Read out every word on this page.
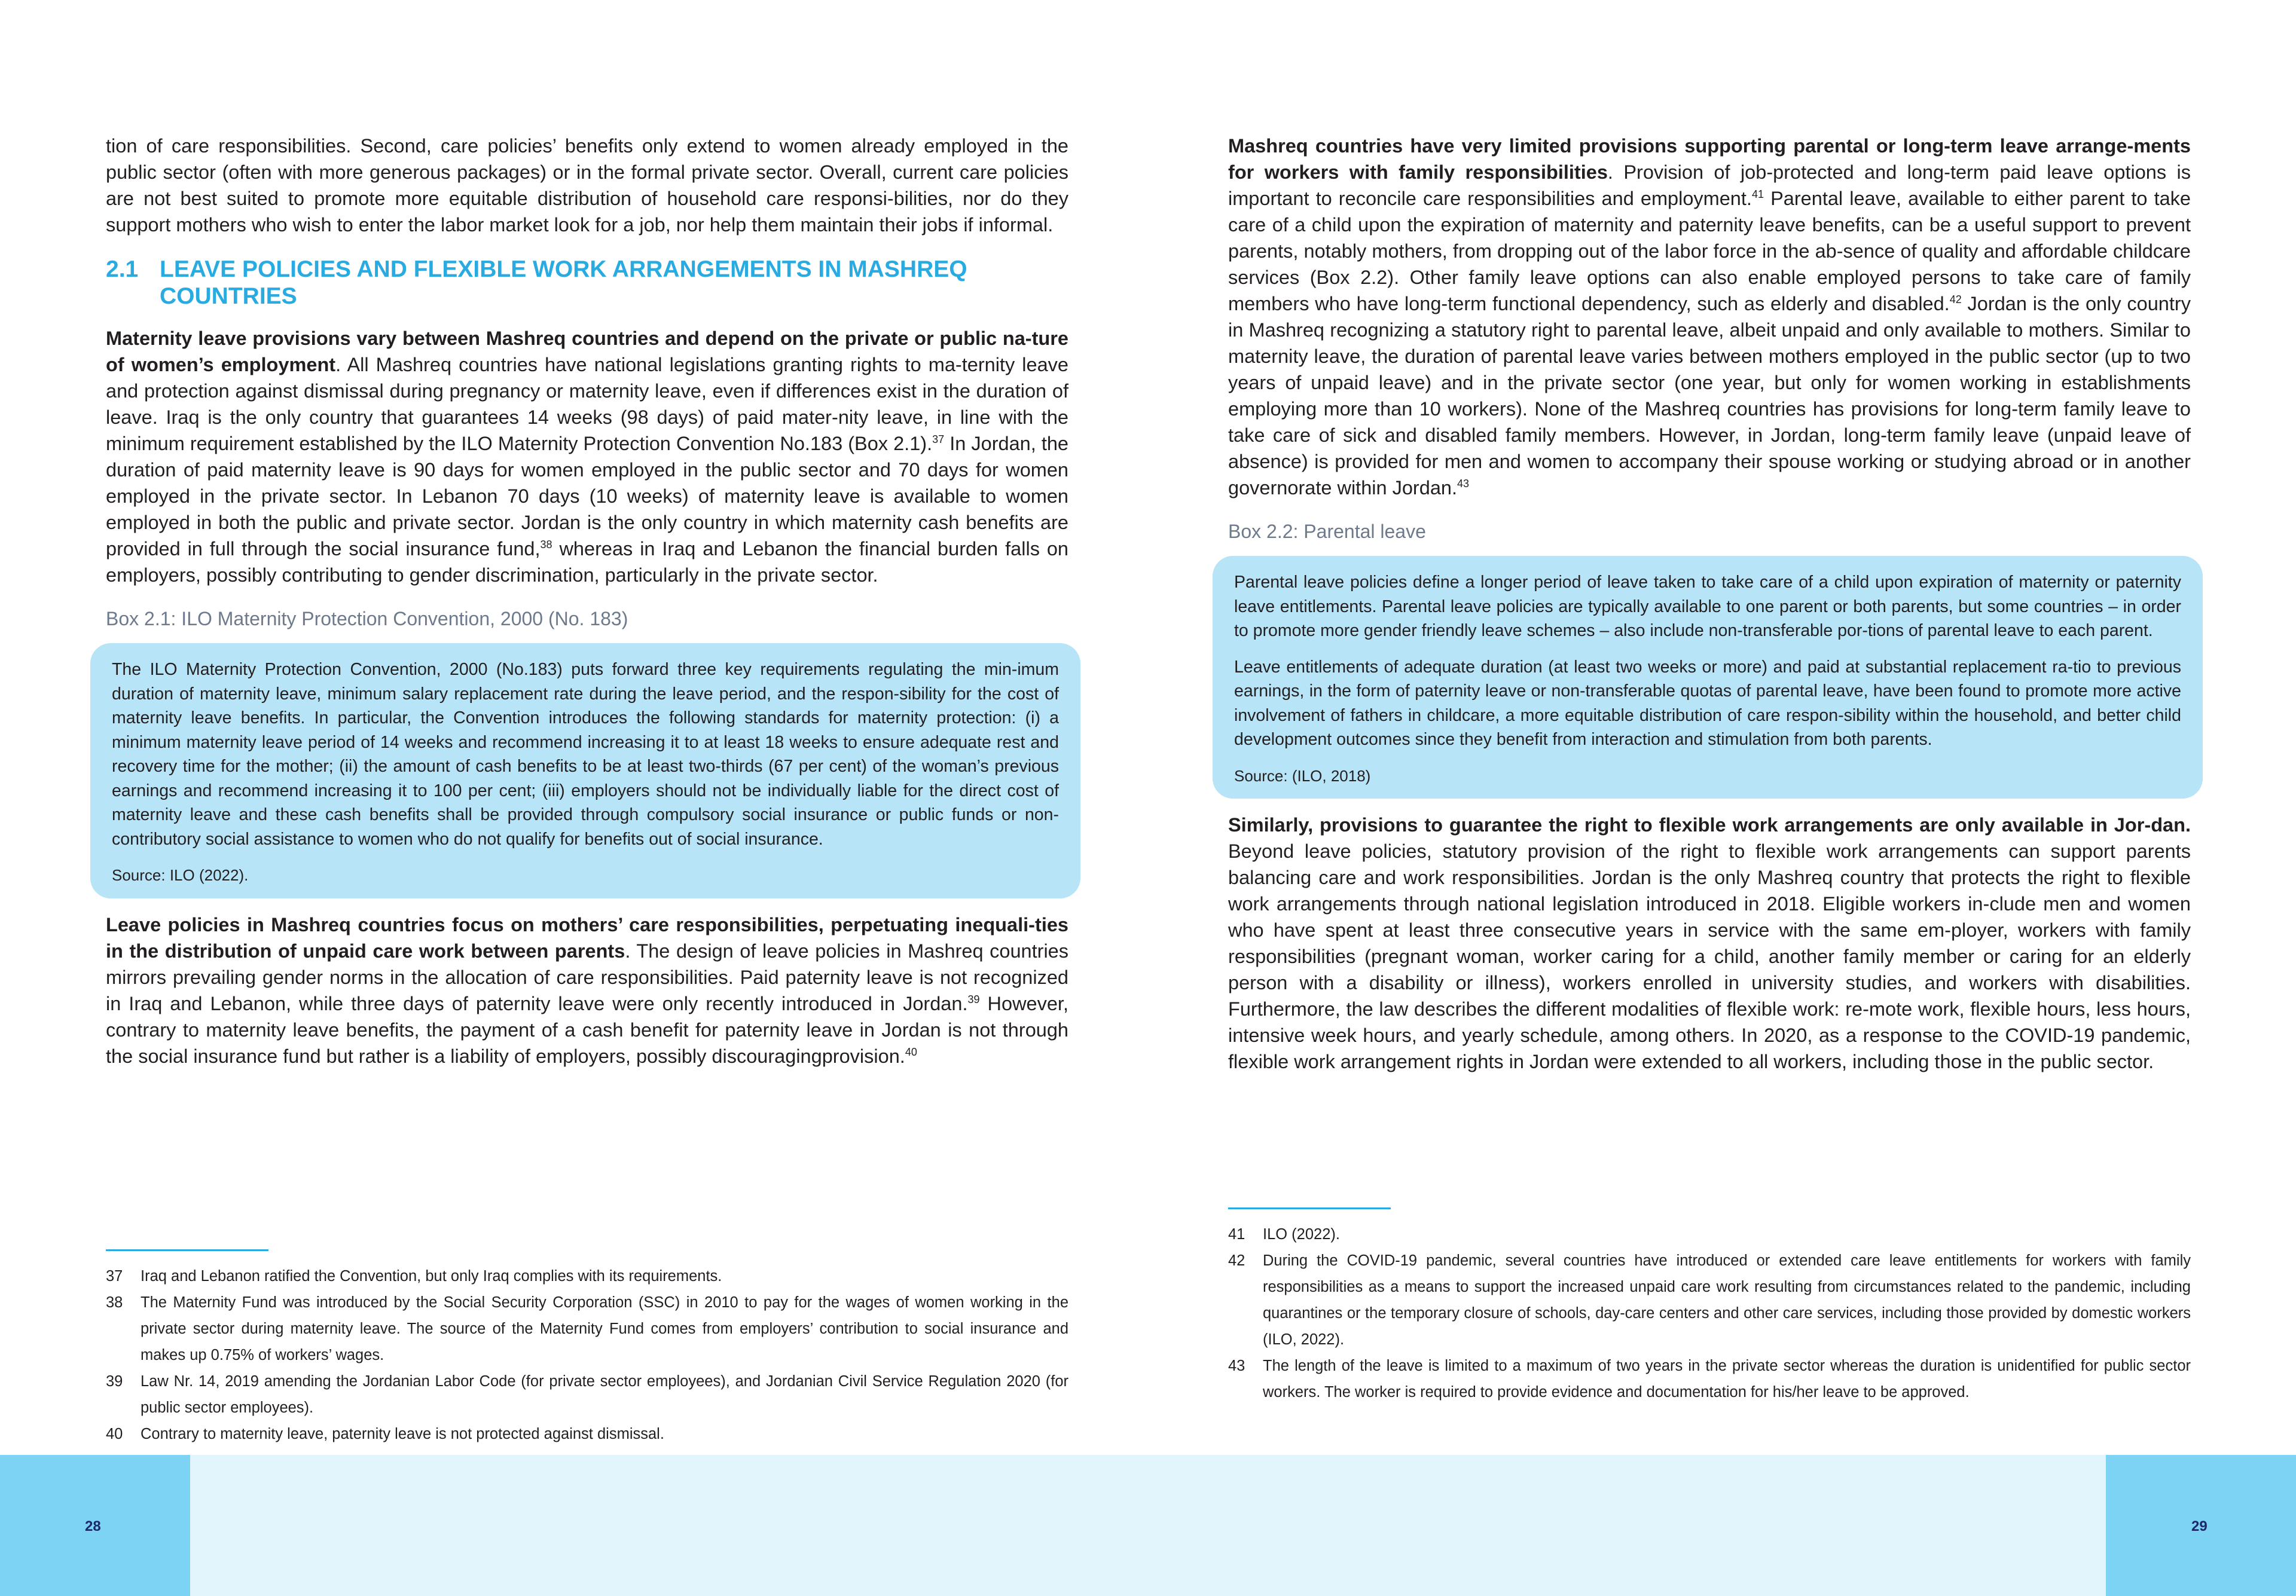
tion of care responsibilities. Second, care policies’ benefits only extend to women already employed in the public sector (often with more generous packages) or in the formal private sector. Overall, current care policies are not best suited to promote more equitable distribution of household care responsi-bilities, nor do they support mothers who wish to enter the labor market look for a job, nor help them maintain their jobs if informal.

2.1 LEAVE POLICIES AND FLEXIBLE WORK ARRANGEMENTS IN MASHREQ COUNTRIES

Maternity leave provisions vary between Mashreq countries and depend on the private or public na-ture of women’s employment. All Mashreq countries have national legislations granting rights to ma-ternity leave and protection against dismissal during pregnancy or maternity leave, even if differences exist in the duration of leave. Iraq is the only country that guarantees 14 weeks (98 days) of paid mater-nity leave, in line with the minimum requirement established by the ILO Maternity Protection Convention No.183 (Box 2.1).$^{37}$ In Jordan, the duration of paid maternity leave is 90 days for women employed in the public sector and 70 days for women employed in the private sector. In Lebanon 70 days (10 weeks) of maternity leave is available to women employed in both the public and private sector. Jordan is the only country in which maternity cash benefits are provided in full through the social insurance fund,$^{38}$ whereas in Iraq and Lebanon the financial burden falls on employers, possibly contributing to gender discrimination, particularly in the private sector.

Box 2.1: ILO Maternity Protection Convention, 2000 (No. 183)

The ILO Maternity Protection Convention, 2000 (No.183) puts forward three key requirements regulating the min-imum duration of maternity leave, minimum salary replacement rate during the leave period, and the respon-sibility for the cost of maternity leave benefits. In particular, the Convention introduces the following standards for maternity protection: (i) a minimum maternity leave period of 14 weeks and recommend increasing it to at least 18 weeks to ensure adequate rest and recovery time for the mother; (ii) the amount of cash benefits to be at least two-thirds (67 per cent) of the woman’s previous earnings and recommend increasing it to 100 per cent; (iii) employers should not be individually liable for the direct cost of maternity leave and these cash benefits shall be provided through compulsory social insurance or public funds or non-contributory social assistance to women who do not qualify for benefits out of social insurance.

Source: ILO (2022).

Leave policies in Mashreq countries focus on mothers’ care responsibilities, perpetuating inequali-ties in the distribution of unpaid care work between parents. The design of leave policies in Mashreq countries mirrors prevailing gender norms in the allocation of care responsibilities. Paid paternity leave is not recognized in Iraq and Lebanon, while three days of paternity leave were only recently introduced in Jordan.$^{39}$ However, contrary to maternity leave benefits, the payment of a cash benefit for paternity leave in Jordan is not through the social insurance fund but rather is a liability of employers, possibly discouragingprovision.$^{40}$

37	Iraq and Lebanon ratified the Convention, but only Iraq complies with its requirements.
38	The Maternity Fund was introduced by the Social Security Corporation (SSC) in 2010 to pay for the wages of women working in the private sector during maternity leave. The source of the Maternity Fund comes from employers’ contribution to social insurance and makes up 0.75% of workers’ wages.
39	Law Nr. 14, 2019 amending the Jordanian Labor Code (for private sector employees), and Jordanian Civil Service Regulation 2020 (for public sector employees).
40	Contrary to maternity leave, paternity leave is not protected against dismissal.

Mashreq countries have very limited provisions supporting parental or long-term leave arrange-ments for workers with family responsibilities. Provision of job-protected and long-term paid leave options is important to reconcile care responsibilities and employment.$^{41}$ Parental leave, available to either parent to take care of a child upon the expiration of maternity and paternity leave benefits, can be a useful support to prevent parents, notably mothers, from dropping out of the labor force in the ab-sence of quality and affordable childcare services (Box 2.2). Other family leave options can also enable employed persons to take care of family members who have long-term functional dependency, such as elderly and disabled.$^{42}$ Jordan is the only country in Mashreq recognizing a statutory right to parental leave, albeit unpaid and only available to mothers. Similar to maternity leave, the duration of parental leave varies between mothers employed in the public sector (up to two years of unpaid leave) and in the private sector (one year, but only for women working in establishments employing more than 10 workers). None of the Mashreq countries has provisions for long-term family leave to take care of sick and disabled family members. However, in Jordan, long-term family leave (unpaid leave of absence) is provided for men and women to accompany their spouse working or studying abroad or in another governorate within Jordan.$^{43}$

Box 2.2: Parental leave

Parental leave policies define a longer period of leave taken to take care of a child upon expiration of maternity or paternity leave entitlements. Parental leave policies are typically available to one parent or both parents, but some countries – in order to promote more gender friendly leave schemes – also include non-transferable por-tions of parental leave to each parent.

Leave entitlements of adequate duration (at least two weeks or more) and paid at substantial replacement ra-tio to previous earnings, in the form of paternity leave or non-transferable quotas of parental leave, have been found to promote more active involvement of fathers in childcare, a more equitable distribution of care respon-sibility within the household, and better child development outcomes since they benefit from interaction and stimulation from both parents.

Source: (ILO, 2018)

Similarly, provisions to guarantee the right to flexible work arrangements are only available in Jor-dan. Beyond leave policies, statutory provision of the right to flexible work arrangements can support parents balancing care and work responsibilities. Jordan is the only Mashreq country that protects the right to flexible work arrangements through national legislation introduced in 2018. Eligible workers in-clude men and women who have spent at least three consecutive years in service with the same em-ployer, workers with family responsibilities (pregnant woman, worker caring for a child, another family member or caring for an elderly person with a disability or illness), workers enrolled in university studies, and workers with disabilities. Furthermore, the law describes the different modalities of flexible work: re-mote work, flexible hours, less hours, intensive week hours, and yearly schedule, among others. In 2020, as a response to the COVID-19 pandemic, flexible work arrangement rights in Jordan were extended to all workers, including those in the public sector.

41	ILO (2022).
42	During the COVID-19 pandemic, several countries have introduced or extended care leave entitlements for workers with family responsibilities as a means to support the increased unpaid care work resulting from circumstances related to the pandemic, including quarantines or the temporary closure of schools, day-care centers and other care services, including those provided by domestic workers (ILO, 2022).
43	The length of the leave is limited to a maximum of two years in the private sector whereas the duration is unidentified for public sector workers. The worker is required to provide evidence and documentation for his/her leave to be approved.
28	29
